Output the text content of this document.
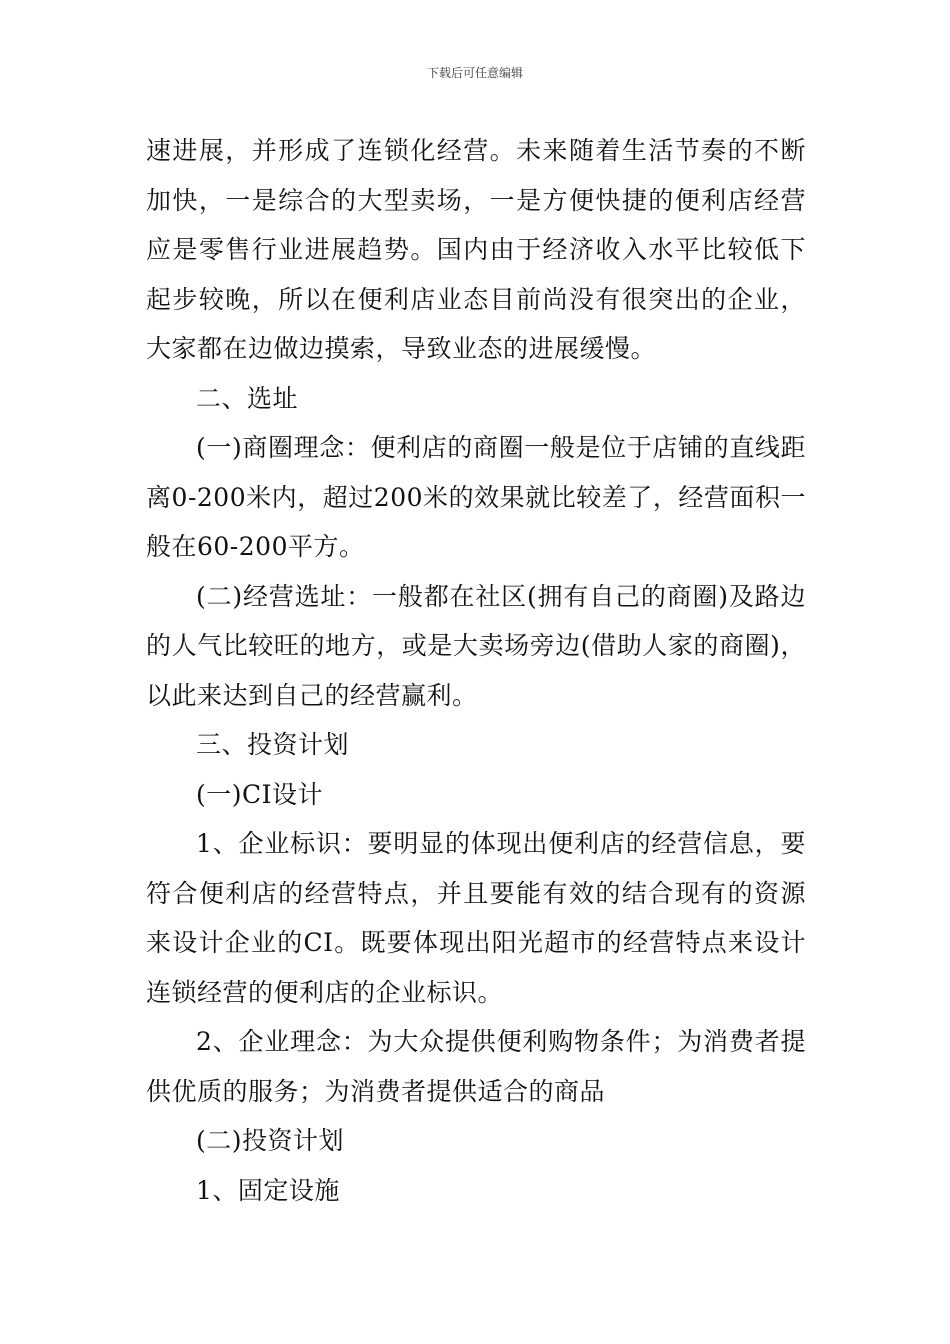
下载后可任意编辑

速进展，并形成了连锁化经营。未来随着生活节奏的不断加快，一是综合的大型卖场，一是方便快捷的便利店经营应是零售行业进展趋势。国内由于经济收入水平比较低下起步较晚，所以在便利店业态目前尚没有很突出的企业，大家都在边做边摸索，导致业态的进展缓慢。

二、选址

(一)商圈理念：便利店的商圈一般是位于店铺的直线距离0-200米内，超过200米的效果就比较差了，经营面积一般在60-200平方。

(二)经营选址：一般都在社区(拥有自己的商圈)及路边的人气比较旺的地方，或是大卖场旁边(借助人家的商圈)，以此来达到自己的经营赢利。

三、投资计划

(一)CI设计

1、企业标识：要明显的体现出便利店的经营信息，要符合便利店的经营特点，并且要能有效的结合现有的资源来设计企业的CI。既要体现出阳光超市的经营特点来设计连锁经营的便利店的企业标识。

2、企业理念：为大众提供便利购物条件；为消费者提供优质的服务；为消费者提供适合的商品

(二)投资计划

1、固定设施
